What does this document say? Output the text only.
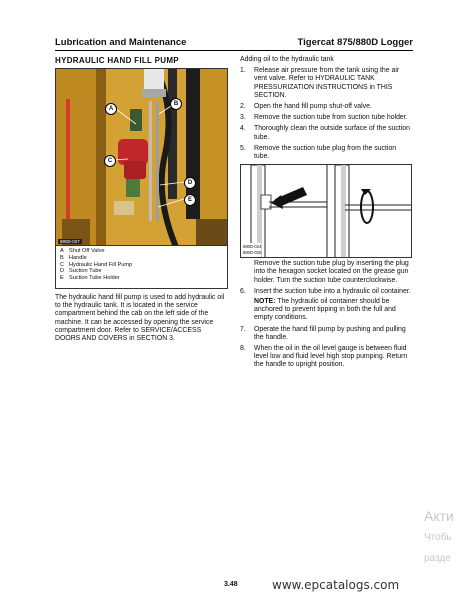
Lubrication and Maintenance	Tigercat 875/880D Logger
HYDRAULIC HAND FILL PUMP
A
B
C
D
E
880D-027
A Shut Off Valve
B Handle
C Hydraulic Hand Fill Pump
D Suction Tube
E Suction Tube Holder
The hydraulic hand fill pump is used to add hydraulic oil to the hydraulic tank. It is located in the service compartment behind the cab on the left side of the machine. It can be accessed by opening the service compartment door. Refer to SERVICE/ACCESS DOORS AND COVERS in SECTION 3.
Adding oil to the hydraulic tank
1. Release air pressure from the tank using the air vent valve. Refer to HYDRAULIC TANK PRESSURIZATION INSTRUCTIONS in THIS SECTION.
2. Open the hand fill pump shut-off valve.
3. Remove the suction tube from suction tube holder.
4. Thoroughly clean the outside surface of the suction tube.
5. Remove the suction tube plug from the suction tube.
880D-024
880D-025
Remove the suction tube plug by inserting the plug into the hexagon socket located on the grease gun holder. Turn the suction tube counterclockwise.
6. Insert the suction tube into a hydraulic oil container.
NOTE: The hydraulic oil container should be anchored to prevent tipping in both the full and empty conditions.
7. Operate the hand fill pump by pushing and pulling the handle.
8. When the oil in the oil level gauge is between fluid level low and fluid level high stop pumping. Return the handle to upright position.
3.48	www.epcatalogs.com
Акти
Чтобь
разде
